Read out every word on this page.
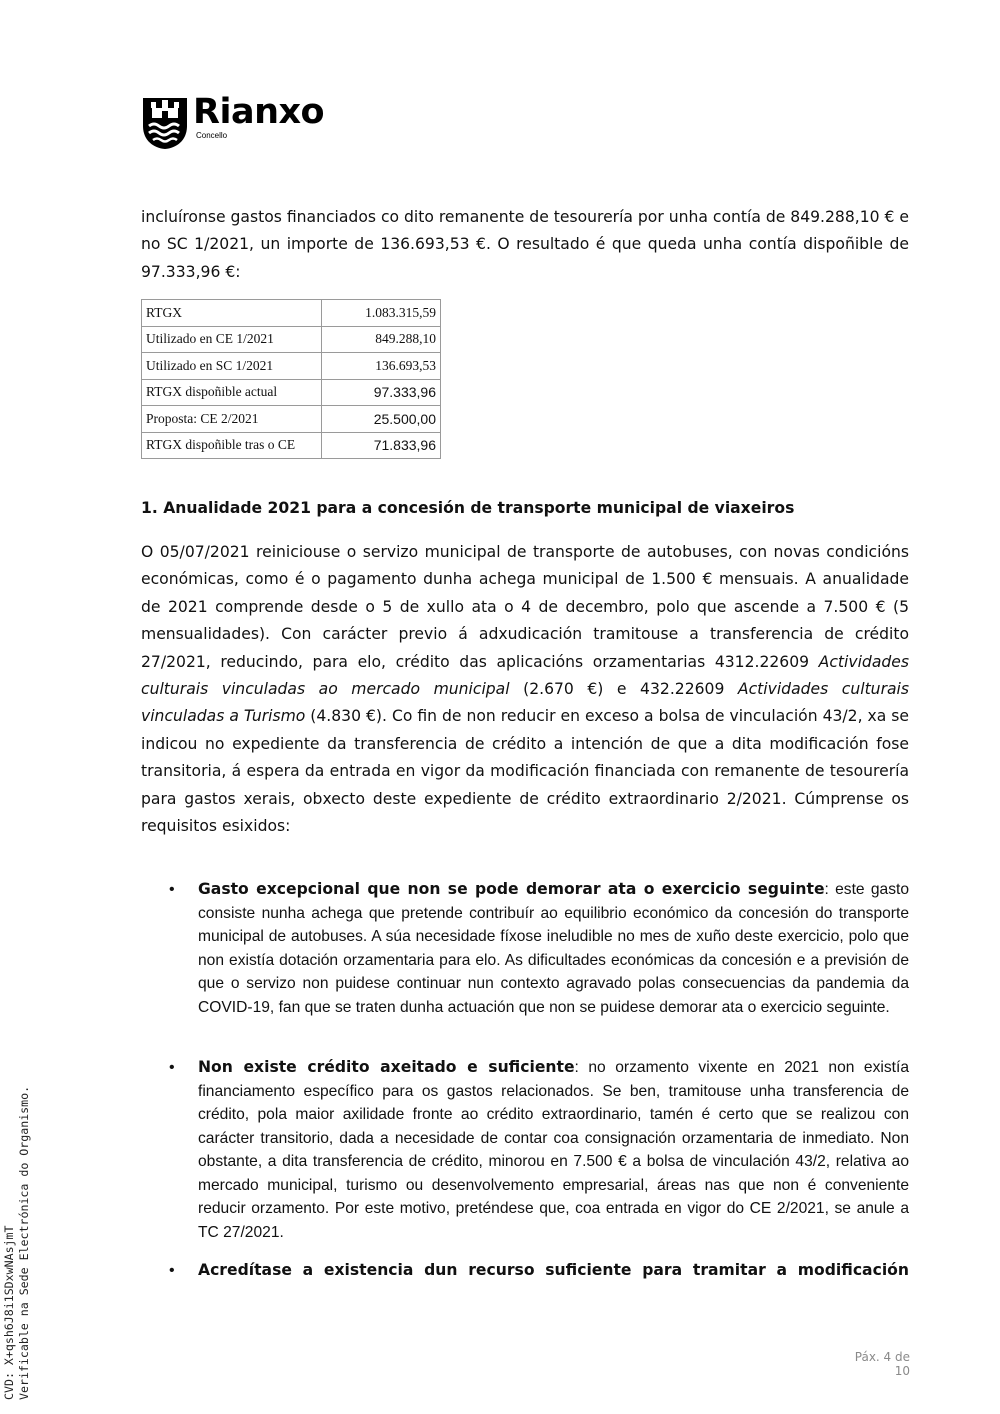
Rianxo
Concello

incluíronse gastos financiados co dito remanente de tesourería por unha contía de 849.288,10 € e no SC 1/2021, un importe de 136.693,53 €. O resultado é que queda unha contía dispoñible de 97.333,96 €:

RTGX	1.083.315,59
Utilizado en CE 1/2021	849.288,10
Utilizado en SC 1/2021	136.693,53
RTGX dispoñible actual	97.333,96
Proposta: CE 2/2021	25.500,00
RTGX dispoñible tras o CE	71.833,96

1. Anualidade 2021 para a concesión de transporte municipal de viaxeiros

O 05/07/2021 reiniciouse o servizo municipal de transporte de autobuses, con novas condicións económicas, como é o pagamento dunha achega municipal de 1.500 € mensuais. A anualidade de 2021 comprende desde o 5 de xullo ata o 4 de decembro, polo que ascende a 7.500 € (5 mensualidades). Con carácter previo á adxudicación tramitouse a transferencia de crédito 27/2021, reducindo, para elo, crédito das aplicacións orzamentarias 4312.22609 Actividades culturais vinculadas ao mercado municipal (2.670 €) e 432.22609 Actividades culturais vinculadas a Turismo (4.830 €). Co fin de non reducir en exceso a bolsa de vinculación 43/2, xa se indicou no expediente da transferencia de crédito a intención de que a dita modificación fose transitoria, á espera da entrada en vigor da modificación financiada con remanente de tesourería para gastos xerais, obxecto deste expediente de crédito extraordinario 2/2021. Cúmprense os requisitos esixidos:

• Gasto excepcional que non se pode demorar ata o exercicio seguinte: este gasto consiste nunha achega que pretende contribuír ao equilibrio económico da concesión do transporte municipal de autobuses. A súa necesidade fíxose ineludible no mes de xuño deste exercicio, polo que non existía dotación orzamentaria para elo. As dificultades económicas da concesión e a previsión de que o servizo non puidese continuar nun contexto agravado polas consecuencias da pandemia da COVID-19, fan que se traten dunha actuación que non se puidese demorar ata o exercicio seguinte.

• Non existe crédito axeitado e suficiente: no orzamento vixente en 2021 non existía financiamento específico para os gastos relacionados. Se ben, tramitouse unha transferencia de crédito, pola maior axilidade fronte ao crédito extraordinario, tamén é certo que se realizou con carácter transitorio, dada a necesidade de contar coa consignación orzamentaria de inmediato. Non obstante, a dita transferencia de crédito, minorou en 7.500 € a bolsa de vinculación 43/2, relativa ao mercado municipal, turismo ou desenvolvemento empresarial, áreas nas que non é conveniente reducir orzamento. Por este motivo, preténdese que, coa entrada en vigor do CE 2/2021, se anule a TC 27/2021.

• Acredítase a existencia dun recurso suficiente para tramitar a modificación

Páx. 4 de 10
CVD: X+qsh6J8i1SDxwNAsjmT Verificable na Sede Electrónica do Organismo.
